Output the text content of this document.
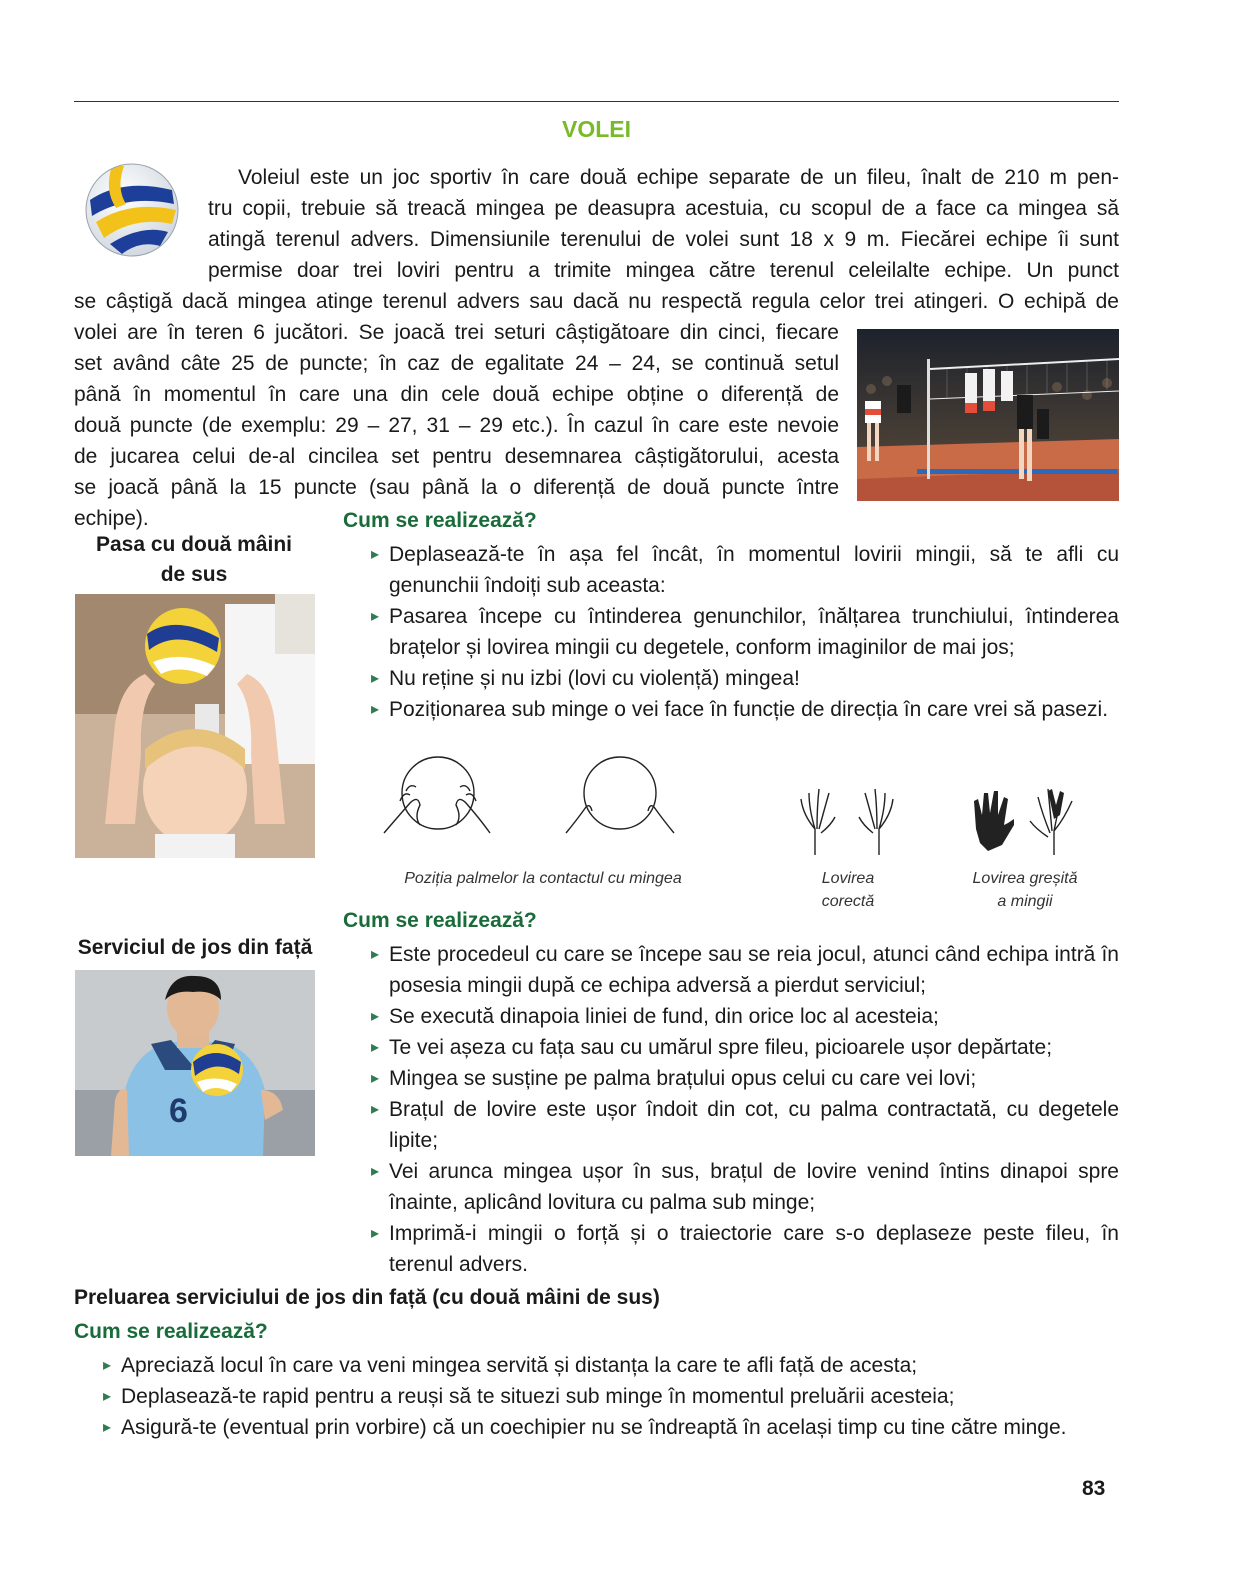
VOLEI

Voleiul este un joc sportiv în care două echipe separate de un fileu, înalt de 210 m pen-

tru copii, trebuie să treacă mingea pe deasupra acestuia, cu scopul de a face ca mingea să

atingă terenul advers. Dimensiunile terenului de volei sunt 18 x 9 m. Fiecărei echipe îi sunt

permise doar trei loviri pentru a trimite mingea către terenul celeilalte echipe. Un punct

se câștigă dacă mingea atinge terenul advers sau dacă nu respectă regula celor trei atingeri. O echipă de

volei are în teren 6 jucători. Se joacă trei seturi câștigătoare din cinci, fiecare

set având câte 25 de puncte; în caz de egalitate 24 – 24, se continuă setul

până în momentul în care una din cele două echipe obține o diferență de

două puncte (de exemplu: 29 – 27, 31 – 29 etc.). În cazul în care este nevoie

de jucarea celui de-al cincilea set pentru desemnarea câștigătorului, acesta

se joacă până la 15 puncte (sau până la o diferență de două puncte între

echipe).

Pasa cu două mâini
de sus
Cum se realizează?
▸ Deplasează-te în așa fel încât, în momentul lovirii mingii, să te afli cu genunchii îndoiți sub aceasta:
▸ Pasarea începe cu întinderea genunchilor, înălțarea trunchiului, întinderea brațelor și lovirea mingii cu degetele, conform imaginilor de mai jos;
▸ Nu reține și nu izbi (lovi cu violență) mingea!
▸ Poziționarea sub minge o vei face în funcție de direcția în care vrei să pasezi.
Poziția palmelor la contactul cu mingea	Lovirea
corectă
Lovirea greșită
a mingii
Cum se realizează?
Serviciul de jos din față
6
▸ Este procedeul cu care se începe sau se reia jocul, atunci când echipa intră în posesia mingii după ce echipa adversă a pierdut serviciul;
▸ Se execută dinapoia liniei de fund, din orice loc al acesteia;
▸ Te vei așeza cu fața sau cu umărul spre fileu, picioarele ușor depărtate;
▸ Mingea se susține pe palma brațului opus celui cu care vei lovi;
▸ Brațul de lovire este ușor îndoit din cot, cu palma contractată, cu degetele lipite;
▸ Vei arunca mingea ușor în sus, brațul de lovire venind întins dinapoi spre înainte, aplicând lovitura cu palma sub minge;
▸ Imprimă-i mingii o forță și o traiectorie care s-o deplaseze peste fileu, în terenul advers.
Preluarea serviciului de jos din față (cu două mâini de sus)
Cum se realizează?
▸ Apreciază locul în care va veni mingea servită și distanța la care te afli față de acesta;
▸ Deplasează-te rapid pentru a reuși să te situezi sub minge în momentul preluării acesteia;
▸ Asigură-te (eventual prin vorbire) că un coechipier nu se îndreaptă în același timp cu tine către minge.
83
